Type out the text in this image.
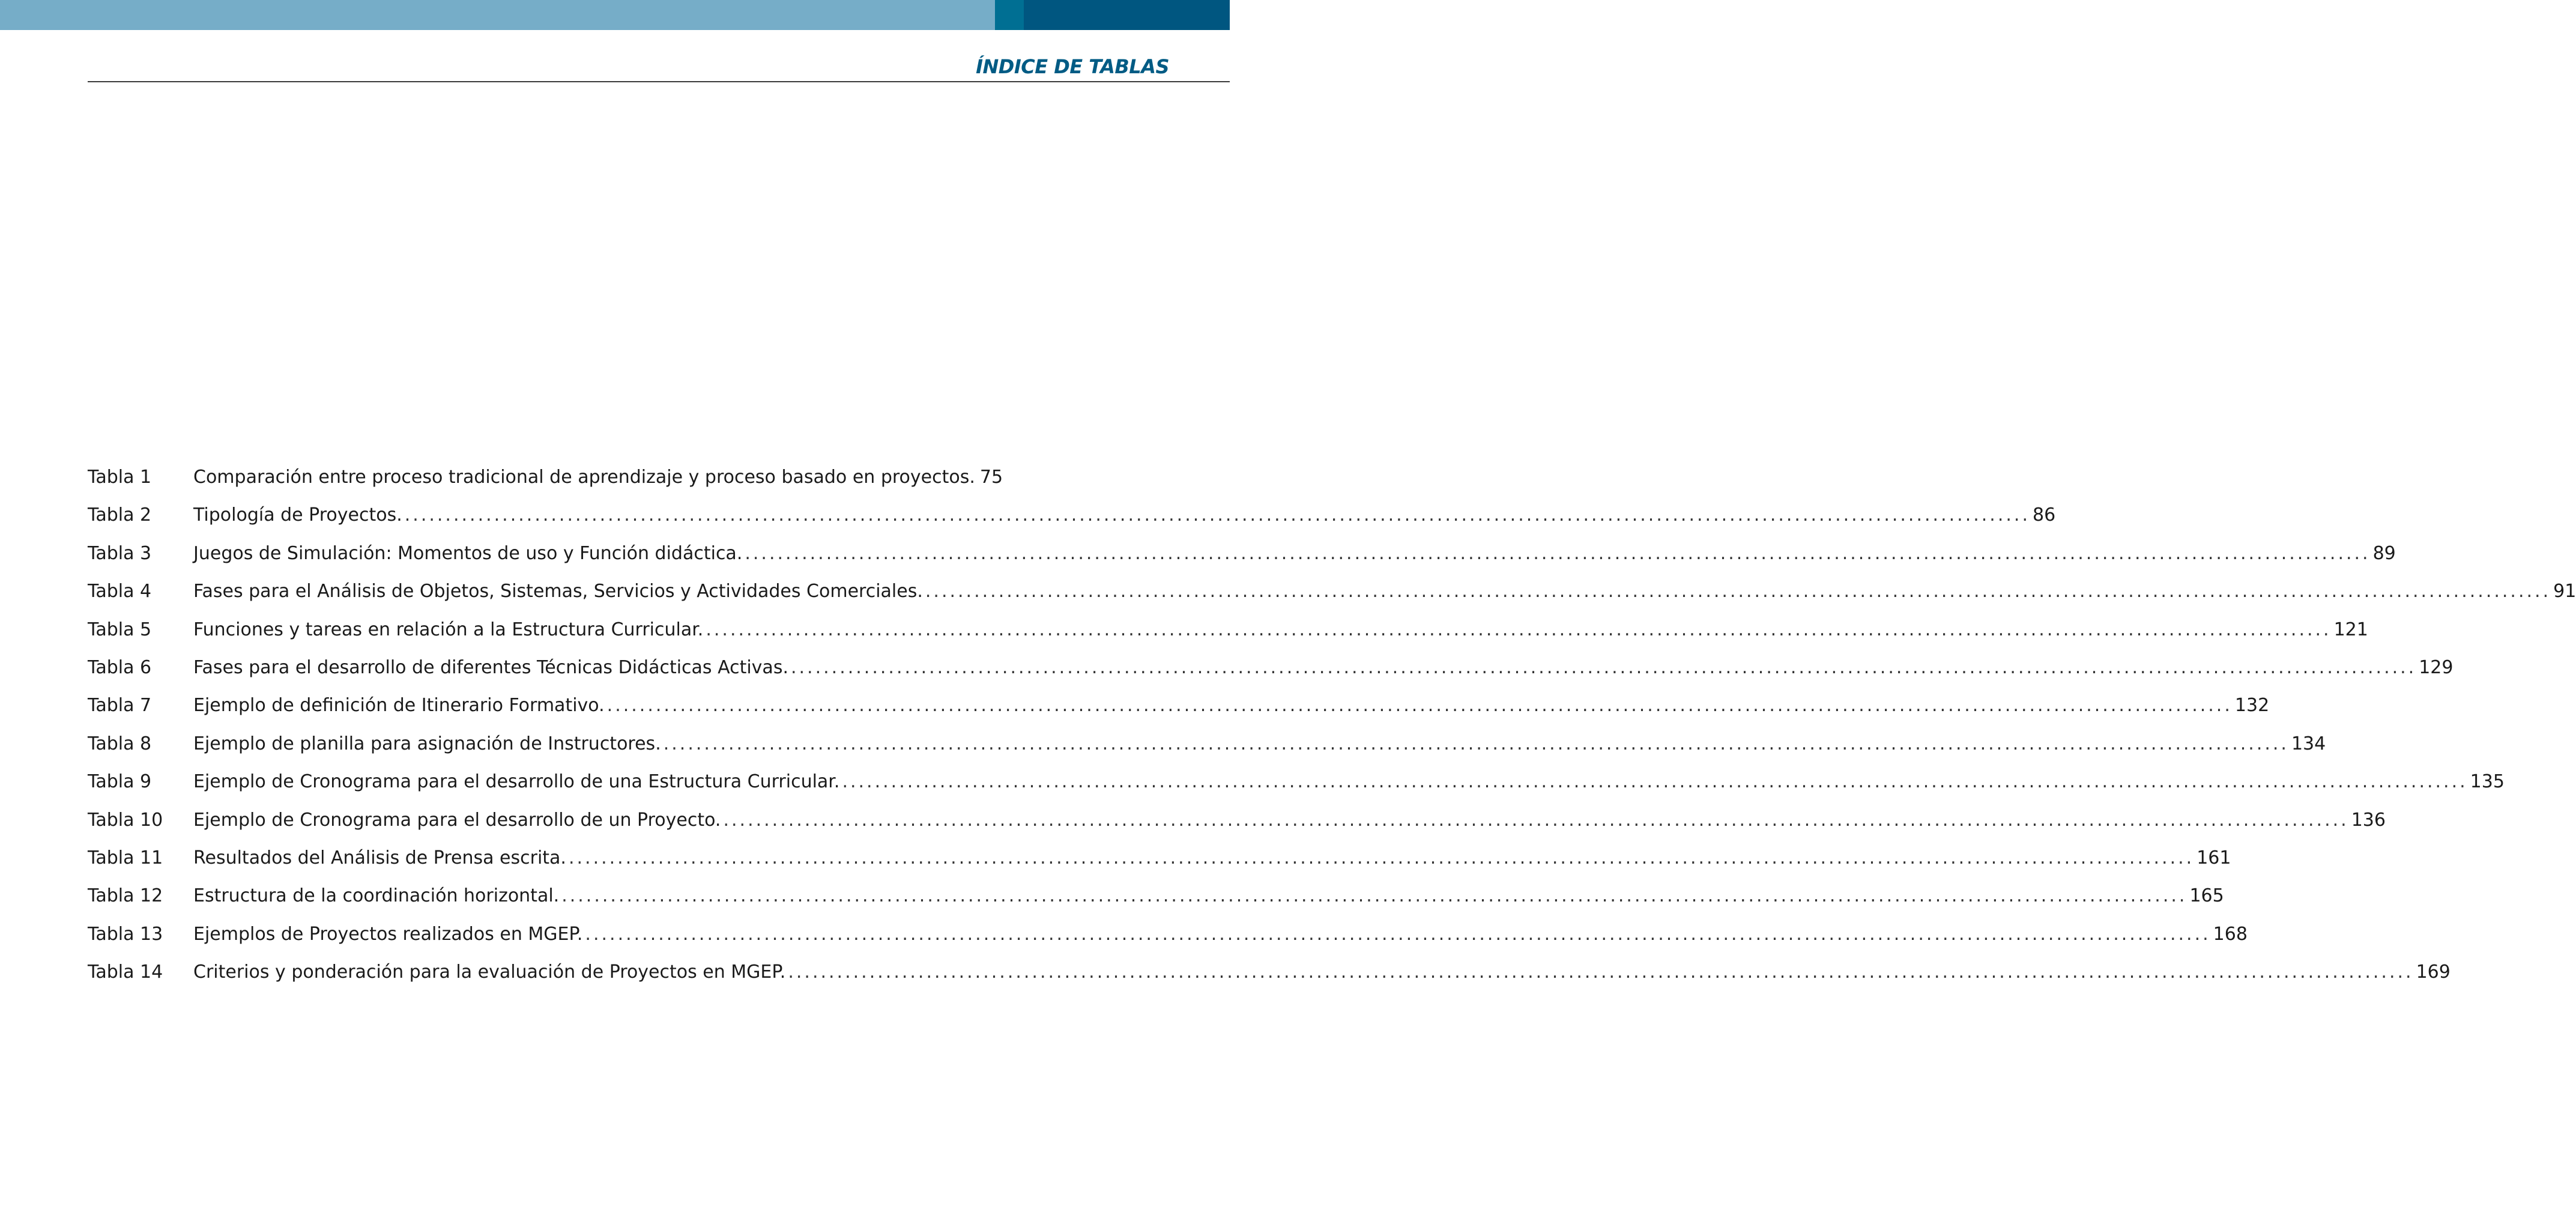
ÍNDICE DE TABLAS
Tabla 1	Comparación entre proceso tradicional de aprendizaje y proceso basado en proyectos. 75
Tabla 2	Tipología de Proyectos. ........................................................................................................................................................................................................ 86
Tabla 3	Juegos de Simulación: Momentos de uso y Función didáctica. ........................................................................................................................................................................................................ 89
Tabla 4	Fases para el Análisis de Objetos, Sistemas, Servicios y Actividades Comerciales. ........................................................................................................................................................................................................ 91
Tabla 5	Funciones y tareas en relación a la Estructura Curricular. ........................................................................................................................................................................................................ 121
Tabla 6	Fases para el desarrollo de diferentes Técnicas Didácticas Activas. ........................................................................................................................................................................................................ 129
Tabla 7	Ejemplo de definición de Itinerario Formativo. ........................................................................................................................................................................................................ 132
Tabla 8	Ejemplo de planilla para asignación de Instructores. ........................................................................................................................................................................................................ 134
Tabla 9	Ejemplo de Cronograma para el desarrollo de una Estructura Curricular. ........................................................................................................................................................................................................ 135
Tabla 10	Ejemplo de Cronograma para el desarrollo de un Proyecto. ........................................................................................................................................................................................................ 136
Tabla 11	Resultados del Análisis de Prensa escrita. ........................................................................................................................................................................................................ 161
Tabla 12	Estructura de la coordinación horizontal. ........................................................................................................................................................................................................ 165
Tabla 13	Ejemplos de Proyectos realizados en MGEP. ........................................................................................................................................................................................................ 168
Tabla 14	Criterios y ponderación para la evaluación de Proyectos en MGEP. ........................................................................................................................................................................................................ 169
